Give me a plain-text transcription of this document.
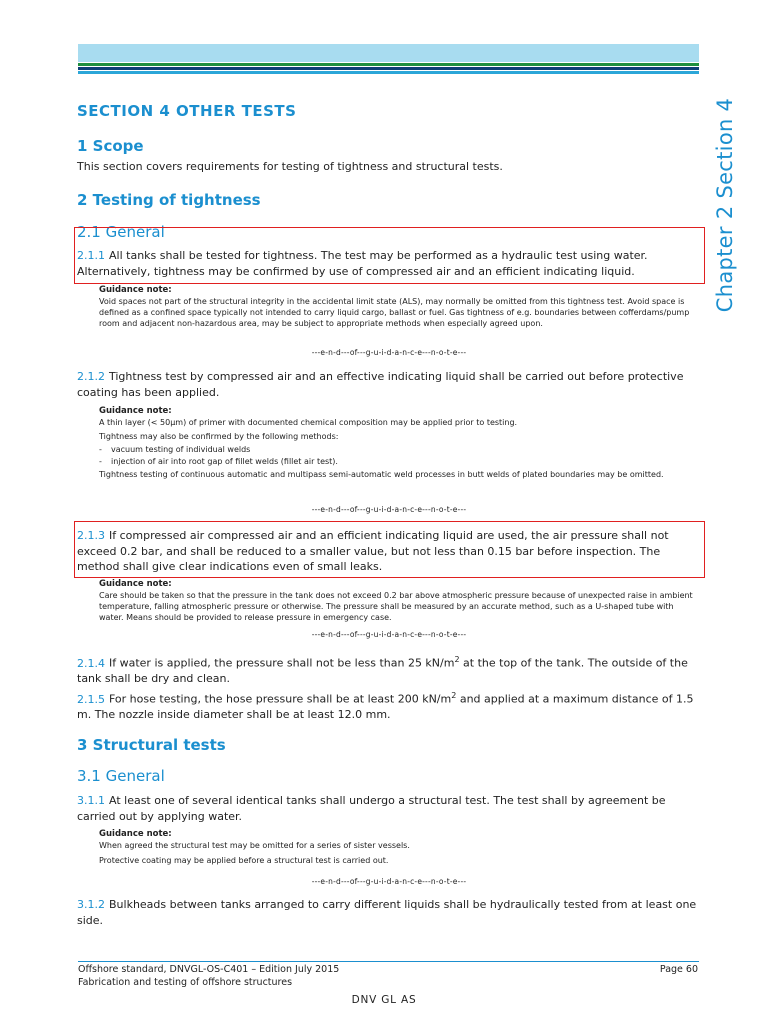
Chapter 2 Section 4
SECTION 4 OTHER TESTS
1 Scope
This section covers requirements for testing of tightness and structural tests.
2 Testing of tightness
2.1 General
2.1.1 All tanks shall be tested for tightness. The test may be performed as a hydraulic test using water. Alternatively, tightness may be confirmed by use of compressed air and an efficient indicating liquid.
Guidance note:
Void spaces not part of the structural integrity in the accidental limit state (ALS), may normally be omitted from this tightness test. Avoid space is defined as a confined space typically not intended to carry liquid cargo, ballast or fuel. Gas tightness of e.g. boundaries between cofferdams/pump room and adjacent non-hazardous area, may be subject to appropriate methods when especially agreed upon.
---e-n-d---of---g-u-i-d-a-n-c-e---n-o-t-e---
2.1.2 Tightness test by compressed air and an effective indicating liquid shall be carried out before protective coating has been applied.
Guidance note:
A thin layer (< 50μm) of primer with documented chemical composition may be applied prior to testing.
Tightness may also be confirmed by the following methods:
- vacuum testing of individual welds
- injection of air into root gap of fillet welds (fillet air test).
Tightness testing of continuous automatic and multipass semi-automatic weld processes in butt welds of plated boundaries may be omitted.
---e-n-d---of---g-u-i-d-a-n-c-e---n-o-t-e---
2.1.3 If compressed air compressed air and an efficient indicating liquid are used, the air pressure shall not exceed 0.2 bar, and shall be reduced to a smaller value, but not less than 0.15 bar before inspection. The method shall give clear indications even of small leaks.
Guidance note:
Care should be taken so that the pressure in the tank does not exceed 0.2 bar above atmospheric pressure because of unexpected raise in ambient temperature, falling atmospheric pressure or otherwise. The pressure shall be measured by an accurate method, such as a U-shaped tube with water. Means should be provided to release pressure in emergency case.
---e-n-d---of---g-u-i-d-a-n-c-e---n-o-t-e---
2.1.4 If water is applied, the pressure shall not be less than 25 $kN/m^2$ at the top of the tank. The outside of the tank shall be dry and clean.
2.1.5 For hose testing, the hose pressure shall be at least 200 $kN/m^2$ and applied at a maximum distance of 1.5 m. The nozzle inside diameter shall be at least 12.0 mm.
3 Structural tests
3.1 General
3.1.1 At least one of several identical tanks shall undergo a structural test. The test shall by agreement be carried out by applying water.
Guidance note:
When agreed the structural test may be omitted for a series of sister vessels.
Protective coating may be applied before a structural test is carried out.
---e-n-d---of---g-u-i-d-a-n-c-e---n-o-t-e---
3.1.2 Bulkheads between tanks arranged to carry different liquids shall be hydraulically tested from at least one side.
Offshore standard, DNVGL-OS-C401 – Edition July 2015
Fabrication and testing of offshore structures
Page 60
DNV GL AS
